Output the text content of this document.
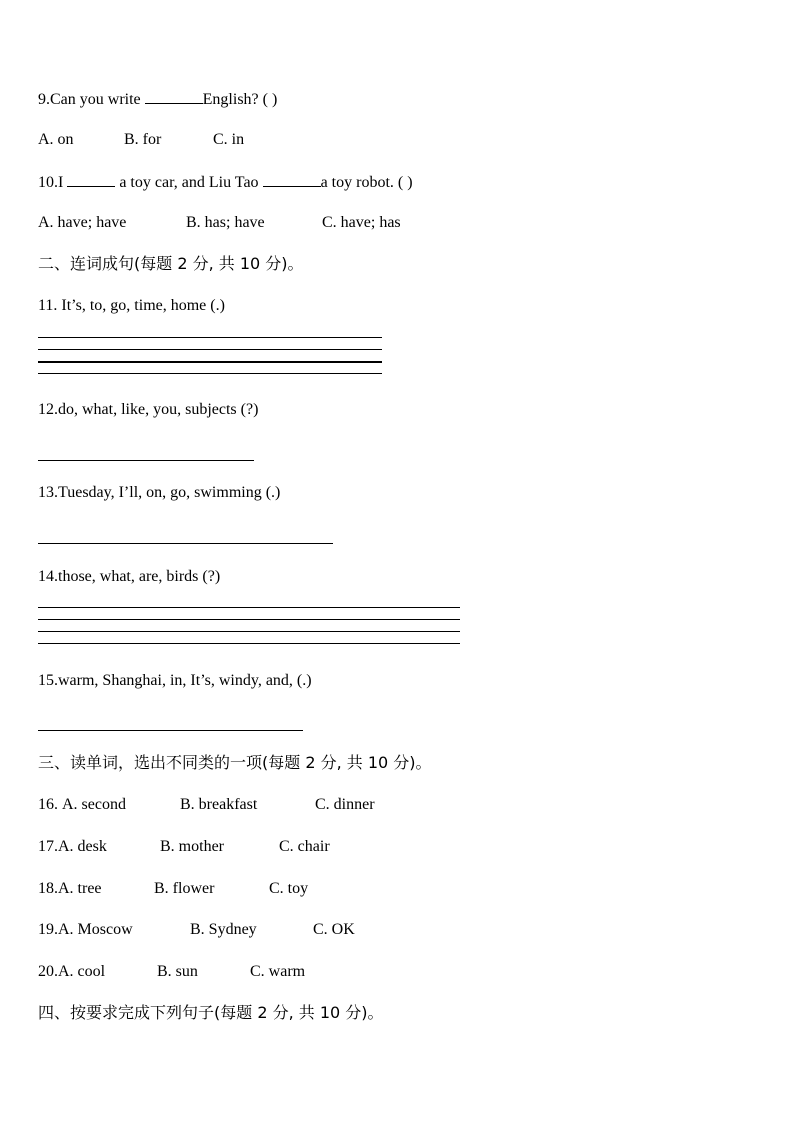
9.Can you write	English? ( )
A. on	B. for	C. in
10.I	a toy car, and Liu Tao	a toy robot. ( )
A. have; have	B. has; have	C. have; has
二、连词成句(每题 2 分, 共 10 分)。
11. It’s, to, go, time, home (.)
12.do, what, like, you, subjects (?)
13.Tuesday, I’ll, on, go, swimming (.)
14.those, what, are, birds (?)
15.warm, Shanghai, in, It’s, windy, and, (.)
三、读单词，选出不同类的一项(每题 2 分, 共 10 分)。
16. A. second	B. breakfast	C. dinner
17.A. desk	B. mother	C. chair
18.A. tree	B. flower	C. toy
19.A. Moscow	B. Sydney	C. OK
20.A. cool	B. sun	C. warm
四、按要求完成下列句子(每题 2 分, 共 10 分)。
